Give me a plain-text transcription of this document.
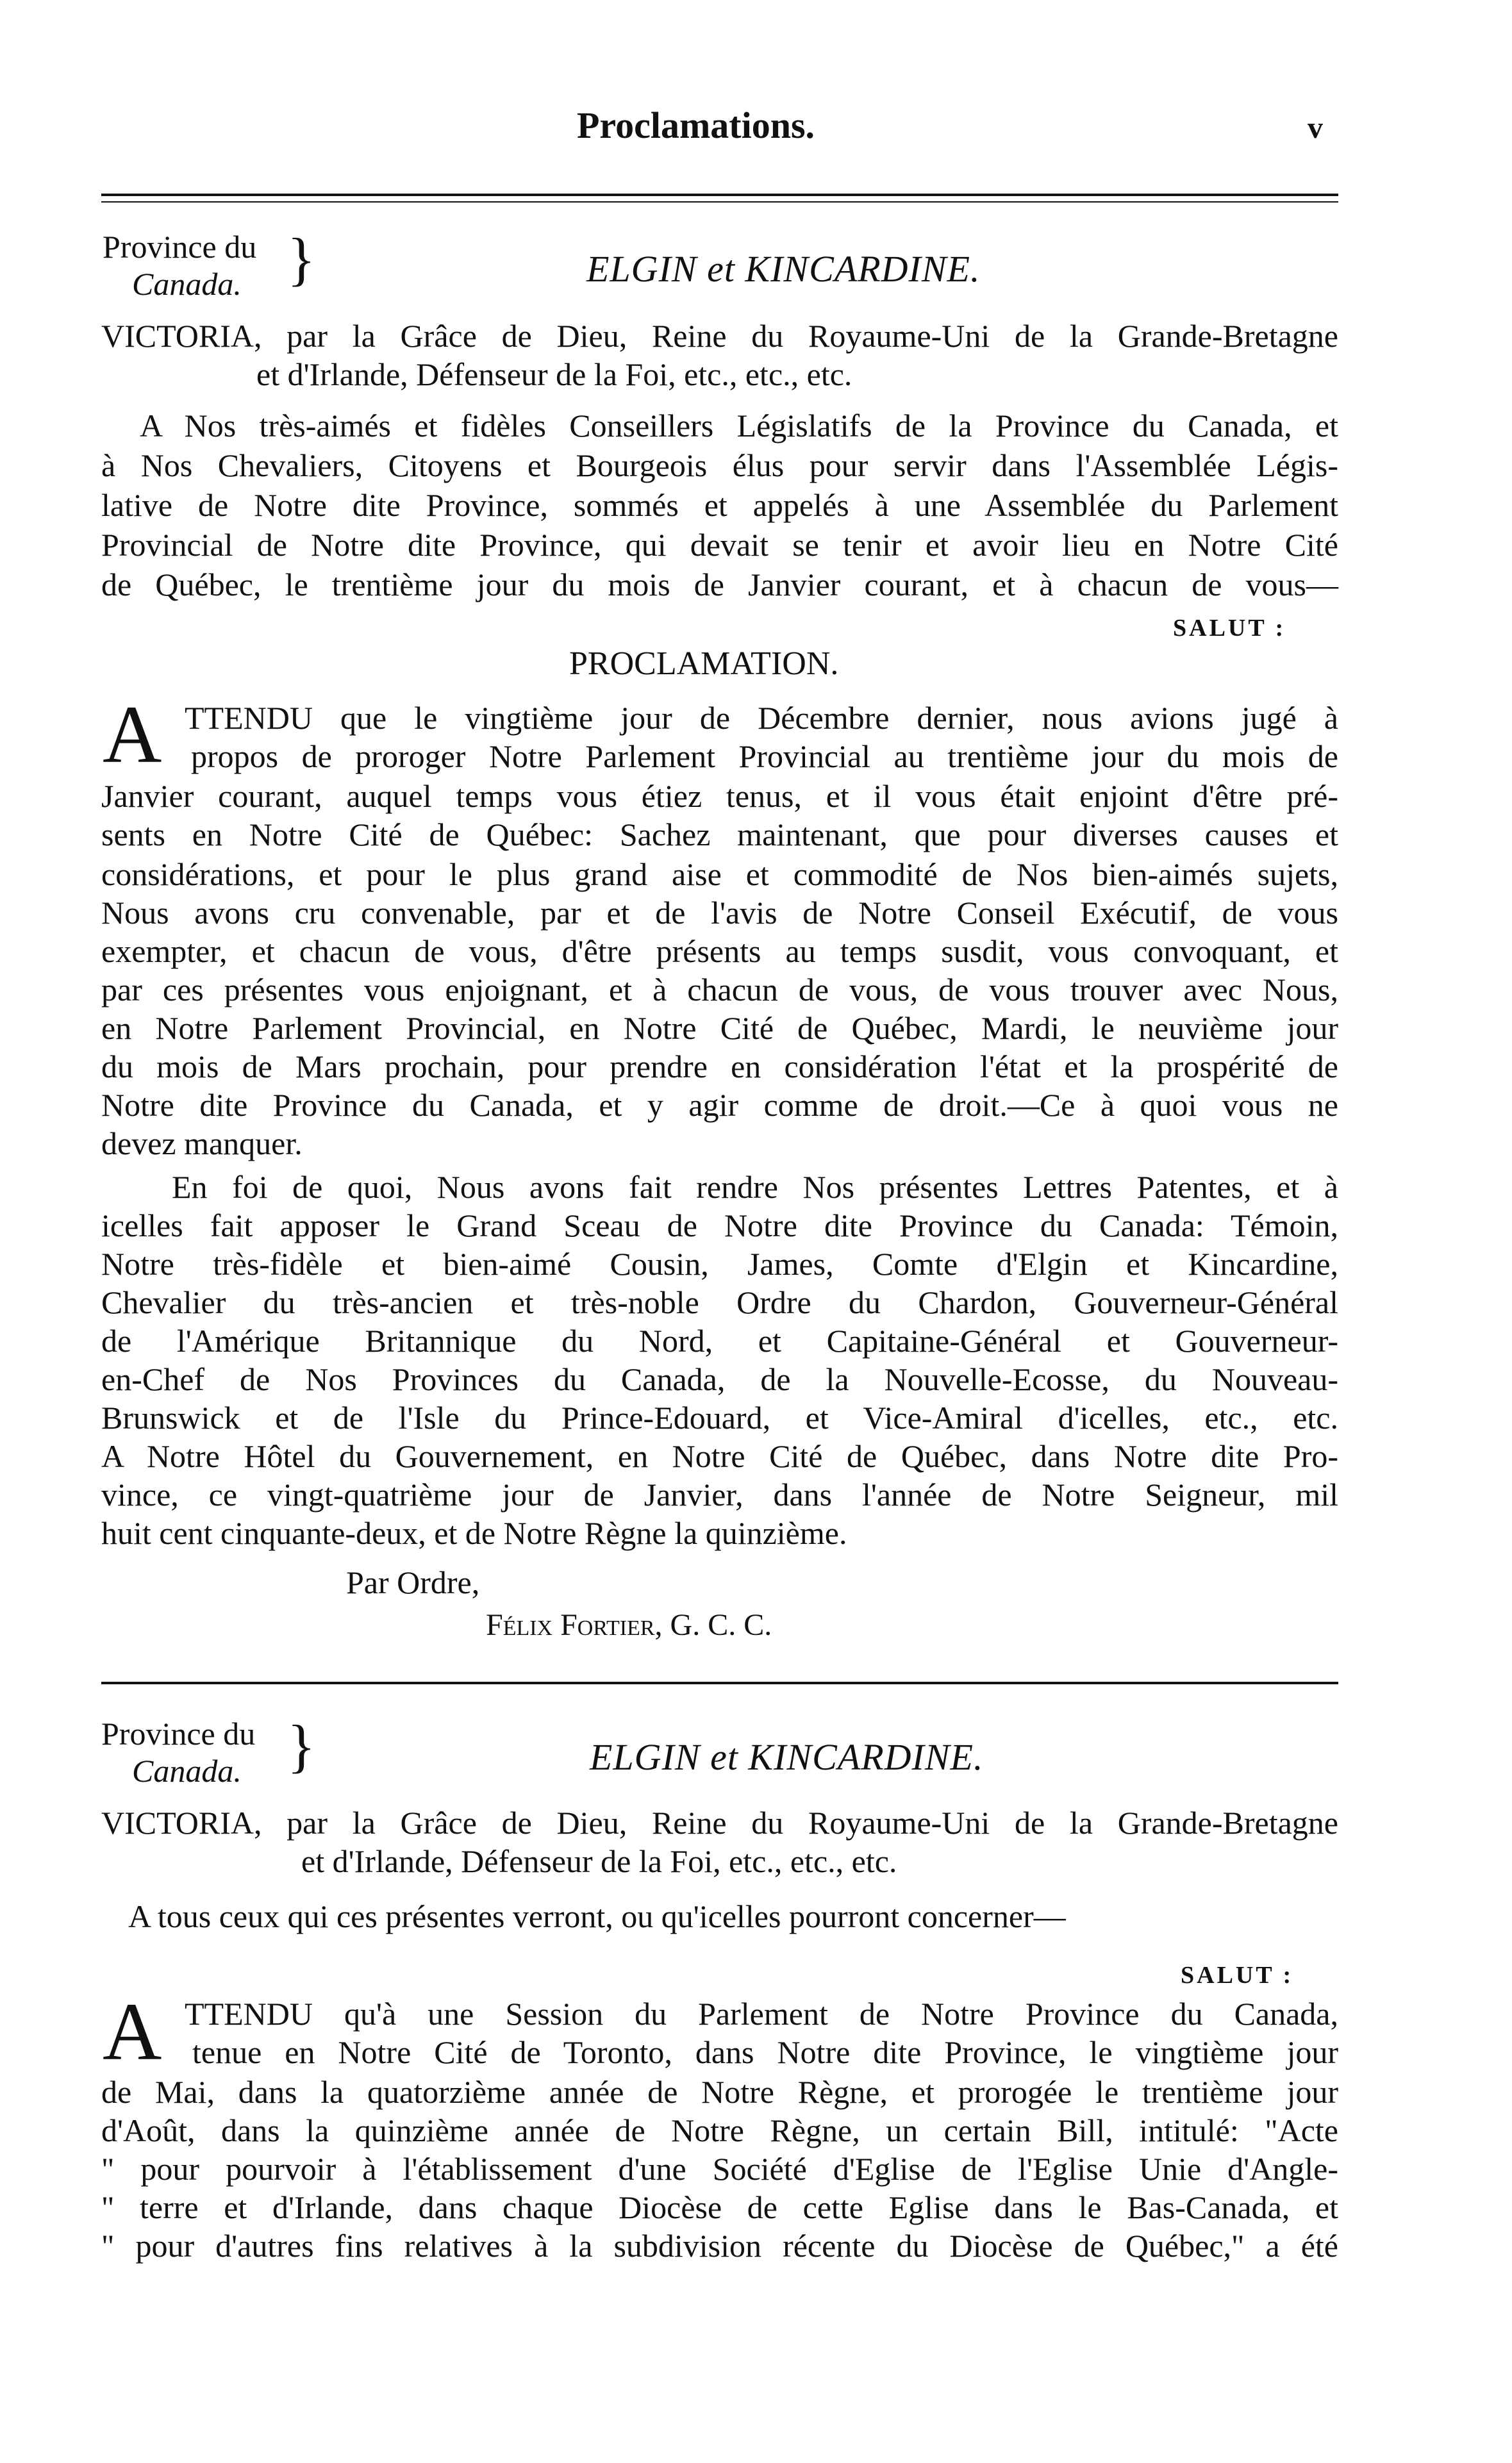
Proclamations.	v
Province du
Canada. }	ELGIN et KINCARDINE.
VICTORIA, par la Grâce de Dieu, Reine du Royaume-Uni de la Grande-Bretagne
et d'Irlande, Défenseur de la Foi, etc., etc., etc.
A Nos très-aimés et fidèles Conseillers Législatifs de la Province du Canada, et
à Nos Chevaliers, Citoyens et Bourgeois élus pour servir dans l'Assemblée Légis-
lative de Notre dite Province, sommés et appelés à une Assemblée du Parlement
Provincial de Notre dite Province, qui devait se tenir et avoir lieu en Notre Cité
de Québec, le trentième jour du mois de Janvier courant, et à chacun de vous—
SALUT :
PROCLAMATION.
A TTENDU que le vingtième jour de Décembre dernier, nous avions jugé à
propos de proroger Notre Parlement Provincial au trentième jour du mois de
Janvier courant, auquel temps vous étiez tenus, et il vous était enjoint d'être pré-
sents en Notre Cité de Québec: Sachez maintenant, que pour diverses causes et
considérations, et pour le plus grand aise et commodité de Nos bien-aimés sujets,
Nous avons cru convenable, par et de l'avis de Notre Conseil Exécutif, de vous
exempter, et chacun de vous, d'être présents au temps susdit, vous convoquant, et
par ces présentes vous enjoignant, et à chacun de vous, de vous trouver avec Nous,
en Notre Parlement Provincial, en Notre Cité de Québec, Mardi, le neuvième jour
du mois de Mars prochain, pour prendre en considération l'état et la prospérité de
Notre dite Province du Canada, et y agir comme de droit.—Ce à quoi vous ne
devez manquer.
En foi de quoi, Nous avons fait rendre Nos présentes Lettres Patentes, et à
icelles fait apposer le Grand Sceau de Notre dite Province du Canada: Témoin,
Notre très-fidèle et bien-aimé Cousin, James, Comte d'Elgin et Kincardine,
Chevalier du très-ancien et très-noble Ordre du Chardon, Gouverneur-Général
de l'Amérique Britannique du Nord, et Capitaine-Général et Gouverneur-
en-Chef de Nos Provinces du Canada, de la Nouvelle-Ecosse, du Nouveau-
Brunswick et de l'Isle du Prince-Edouard, et Vice-Amiral d'icelles, etc., etc.
A Notre Hôtel du Gouvernement, en Notre Cité de Québec, dans Notre dite Pro-
vince, ce vingt-quatrième jour de Janvier, dans l'année de Notre Seigneur, mil
huit cent cinquante-deux, et de Notre Règne la quinzième.
Par Ordre,
Félix Fortier, G. C. C.
Province du
Canada. }	ELGIN et KINCARDINE.
VICTORIA, par la Grâce de Dieu, Reine du Royaume-Uni de la Grande-Bretagne
et d'Irlande, Défenseur de la Foi, etc., etc., etc.
A tous ceux qui ces présentes verront, ou qu'icelles pourront concerner—
SALUT :
A TTENDU qu'à une Session du Parlement de Notre Province du Canada,
tenue en Notre Cité de Toronto, dans Notre dite Province, le vingtième jour
de Mai, dans la quatorzième année de Notre Règne, et prorogée le trentième jour
d'Août, dans la quinzième année de Notre Règne, un certain Bill, intitulé: "Acte
" pour pourvoir à l'établissement d'une Société d'Eglise de l'Eglise Unie d'Angle-
" terre et d'Irlande, dans chaque Diocèse de cette Eglise dans le Bas-Canada, et
" pour d'autres fins relatives à la subdivision récente du Diocèse de Québec," a été
